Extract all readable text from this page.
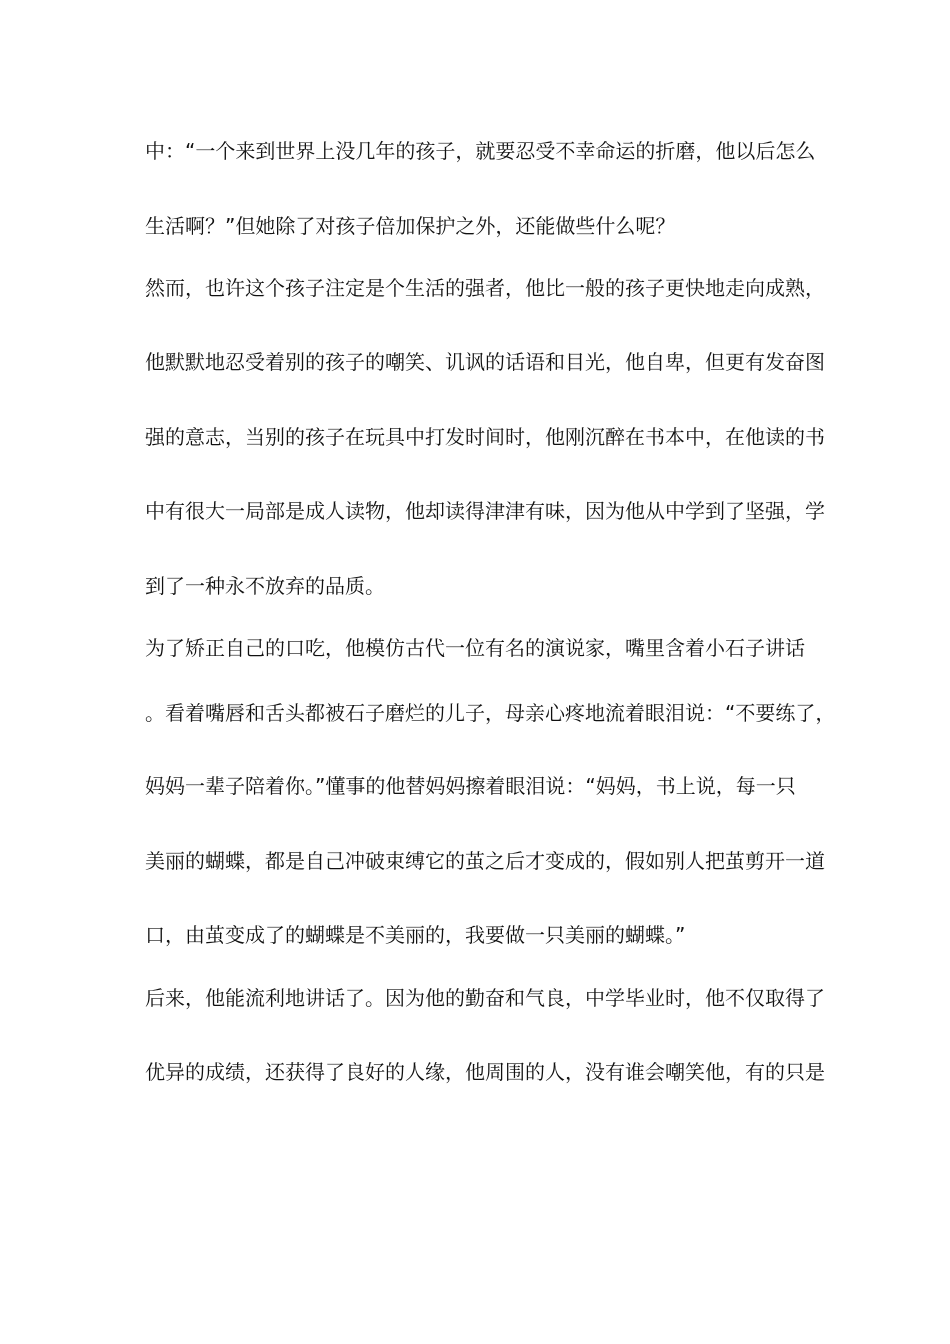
中：“一个来到世界上没几年的孩子，就要忍受不幸命运的折磨，他以后怎么
生活啊？”但她除了对孩子倍加保护之外，还能做些什么呢？
然而，也许这个孩子注定是个生活的强者，他比一般的孩子更快地走向成熟，
他默默地忍受着别的孩子的嘲笑、讥讽的话语和目光，他自卑，但更有发奋图
强的意志，当别的孩子在玩具中打发时间时，他刚沉醉在书本中，在他读的书
中有很大一局部是成人读物，他却读得津津有味，因为他从中学到了坚强，学
到了一种永不放弃的品质。
为了矫正自己的口吃，他模仿古代一位有名的演说家，嘴里含着小石子讲话
。看着嘴唇和舌头都被石子磨烂的儿子，母亲心疼地流着眼泪说：“不要练了，
妈妈一辈子陪着你。”懂事的他替妈妈擦着眼泪说：“妈妈，书上说，每一只
美丽的蝴蝶，都是自己冲破束缚它的茧之后才变成的，假如别人把茧剪开一道
口，由茧变成了的蝴蝶是不美丽的，我要做一只美丽的蝴蝶。”
后来，他能流利地讲话了。因为他的勤奋和气良，中学毕业时，他不仅取得了
优异的成绩，还获得了良好的人缘，他周围的人，没有谁会嘲笑他，有的只是
